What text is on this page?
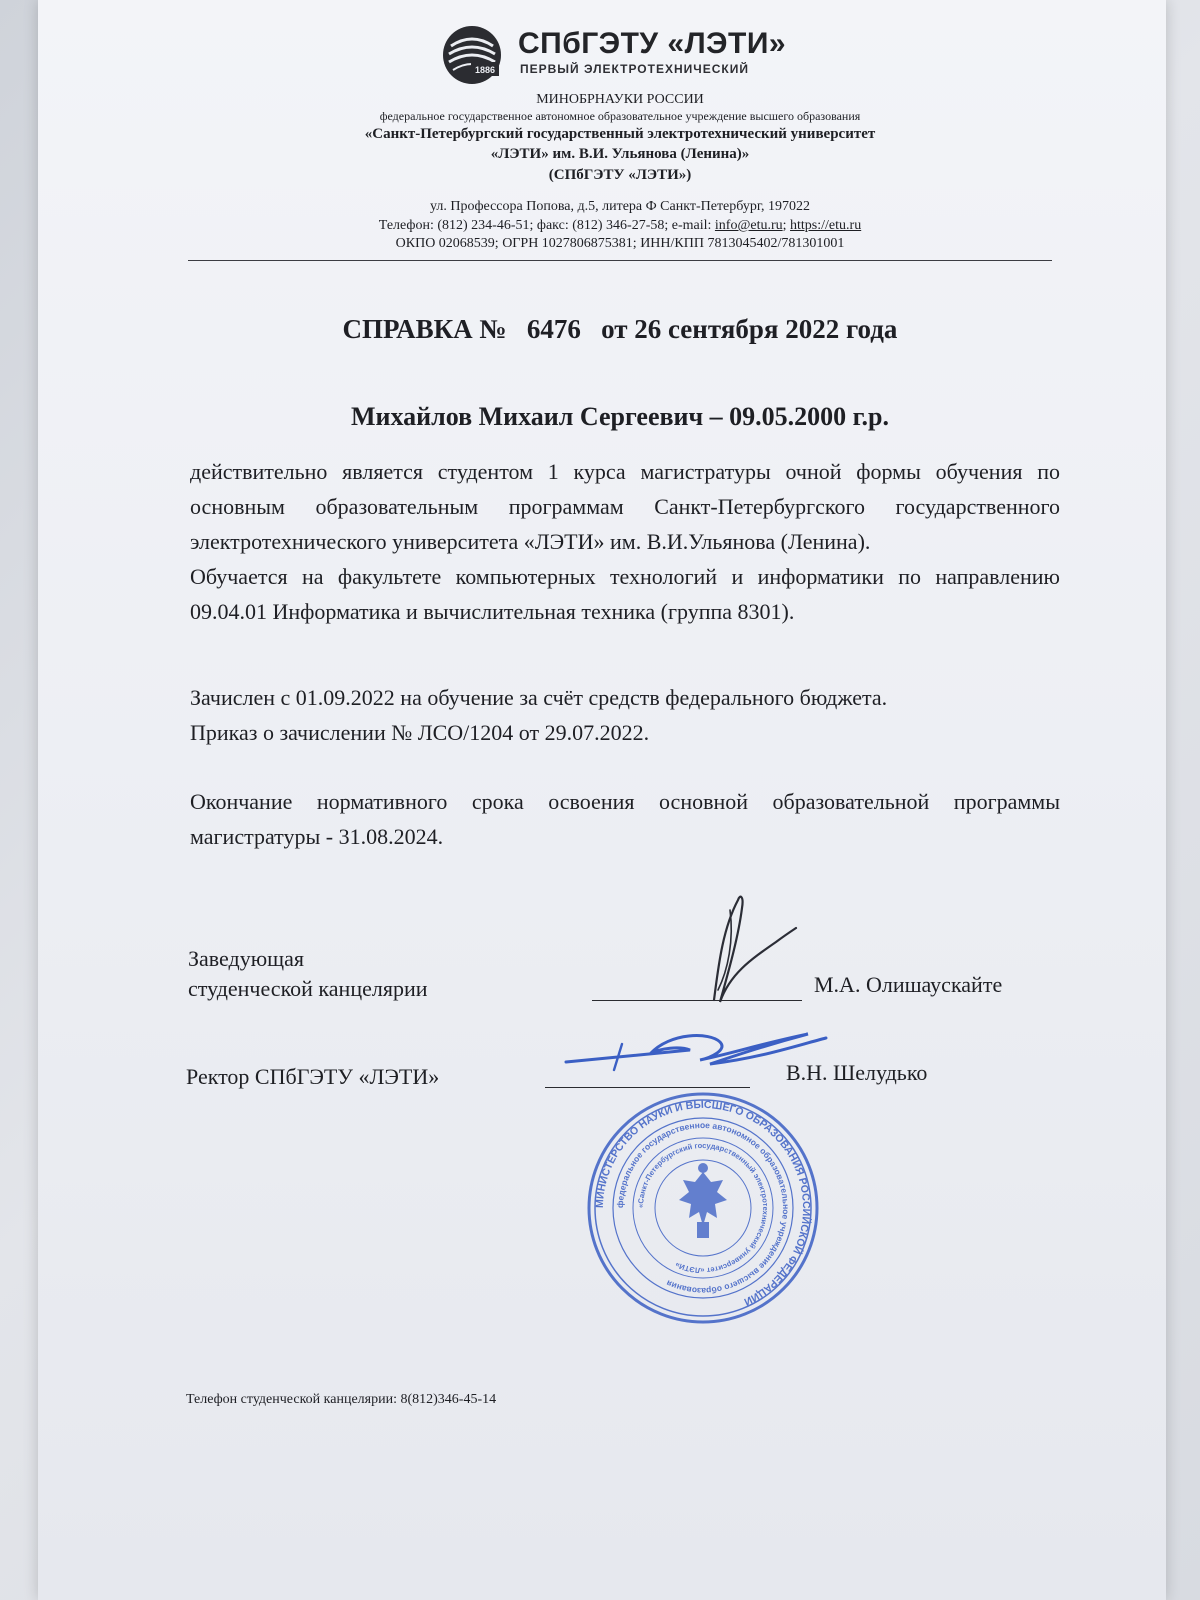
1886
СПбГЭТУ «ЛЭТИ»
ПЕРВЫЙ ЭЛЕКТРОТЕХНИЧЕСКИЙ
МИНОБРНАУКИ РОССИИ
федеральное государственное автономное образовательное учреждение высшего образования
«Санкт-Петербургский государственный электротехнический университет
«ЛЭТИ» им. В.И. Ульянова (Ленина)»
(СПбГЭТУ «ЛЭТИ»)
ул. Профессора Попова, д.5, литера Ф Санкт-Петербург, 197022
Телефон: (812) 234-46-51; факс: (812) 346-27-58; e-mail: info@etu.ru; https://etu.ru
ОКПО 02068539; ОГРН 1027806875381; ИНН/КПП 7813045402/781301001
СПРАВКА № 6476 от 26 сентября 2022 года
Михайлов Михаил Сергеевич – 09.05.2000 г.р.

действительно является студентом 1 курса магистратуры очной формы обучения по основным образовательным программам Санкт-Петербургского государственного электротехнического университета «ЛЭТИ» им. В.И.Ульянова (Ленина).

Обучается на факультете компьютерных технологий и информатики по направлению 09.04.01 Информатика и вычислительная техника (группа 8301).

Зачислен с 01.09.2022 на обучение за счёт средств федерального бюджета.

Приказ о зачислении № ЛСО/1204 от 29.07.2022.

Окончание нормативного срока освоения основной образовательной программы магистратуры - 31.08.2024.

Заведующая
студенческой канцелярии	М.А. Олишаускайте
Ректор СПбГЭТУ «ЛЭТИ»	В.Н. Шелудько
МИНИСТЕРСТВО НАУКИ И ВЫСШЕГО ОБРАЗОВАНИЯ РОССИЙСКОЙ ФЕДЕРАЦИИ
федеральное государственное автономное образовательное учреждение высшего образования
«Санкт-Петербургский государственный электротехнический университет «ЛЭТИ»
Телефон студенческой канцелярии: 8(812)346-45-14
